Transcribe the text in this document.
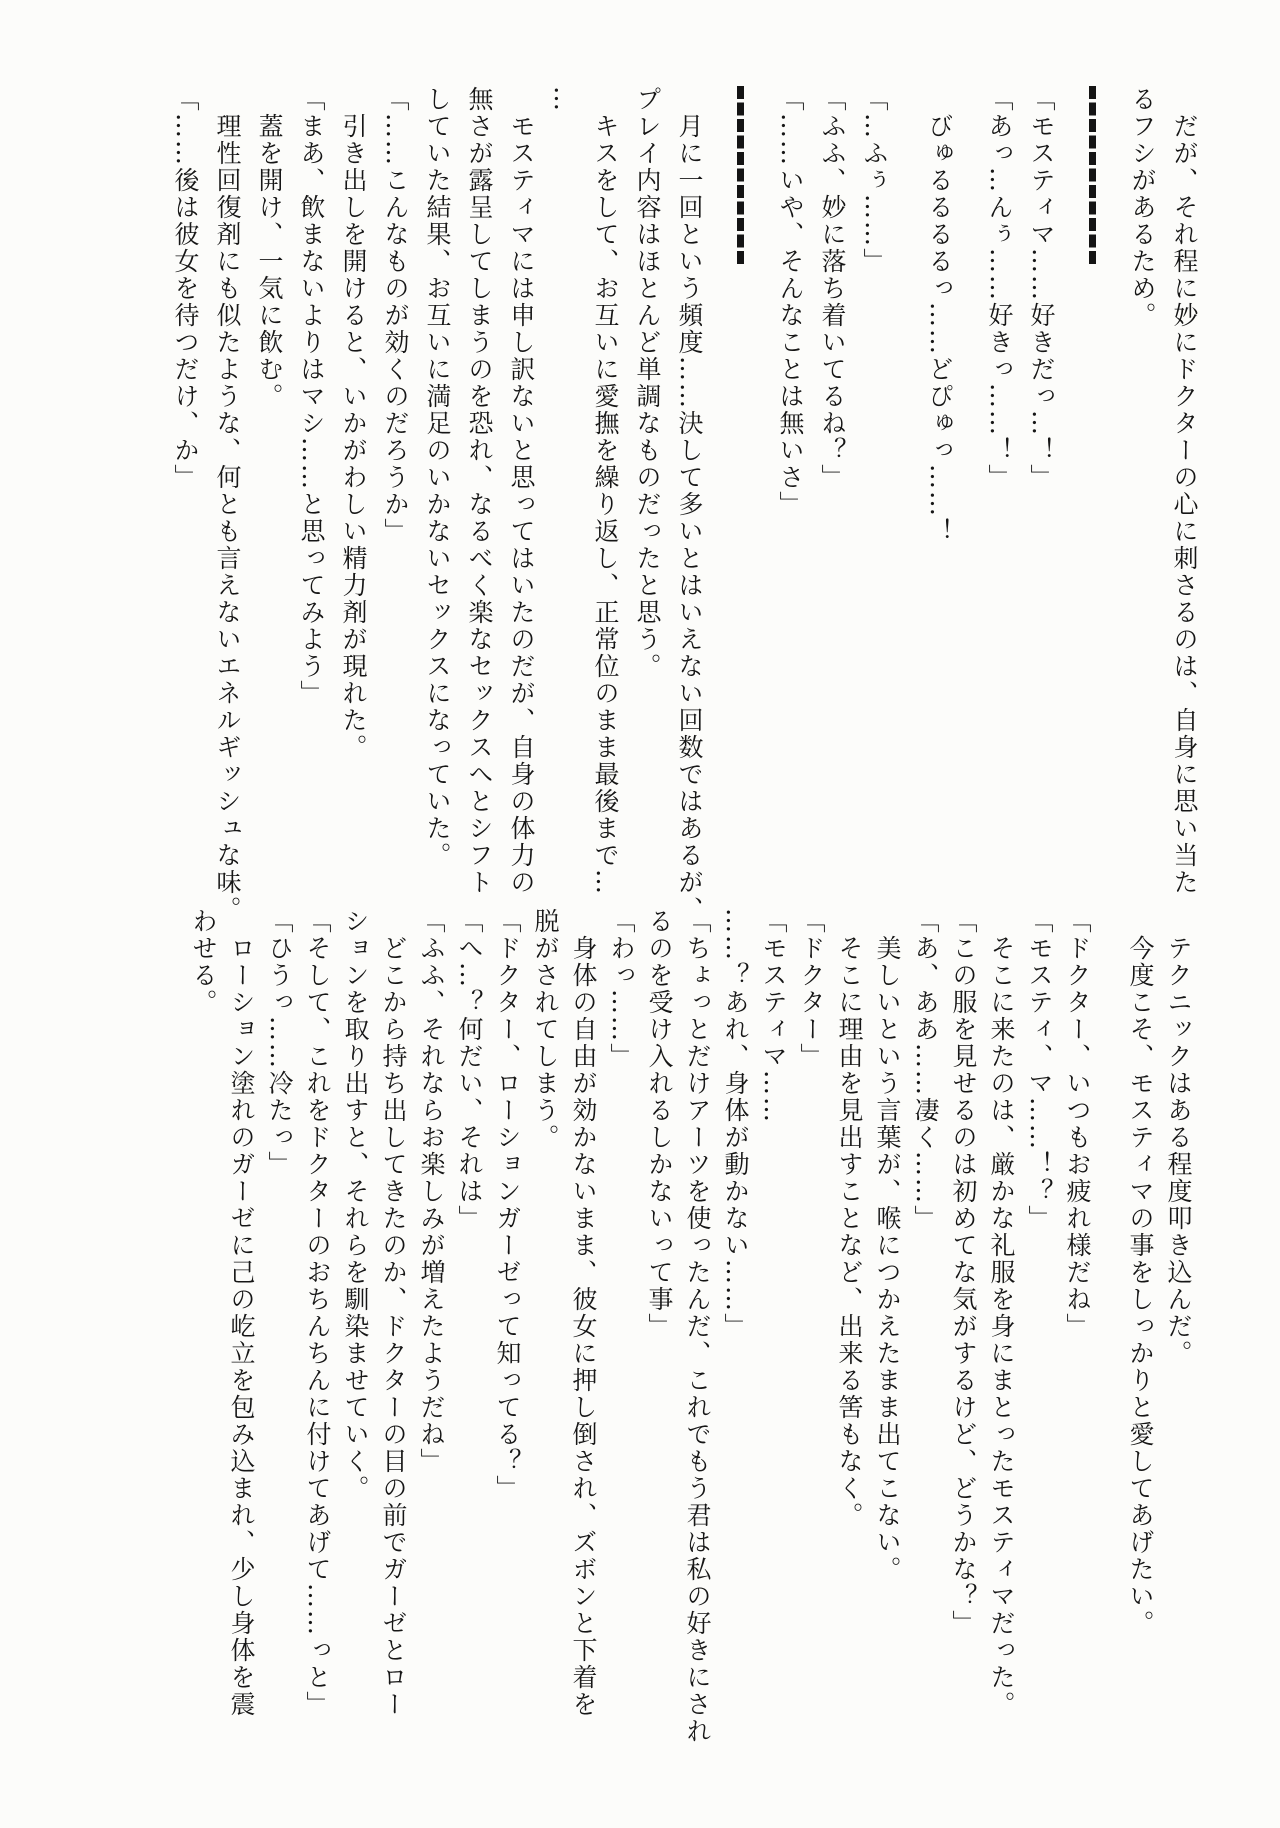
だが、それ程に妙にドクターの心に刺さるのは、自身に思い当た
るフシがあるため。
「モスティマ……好きだっ…！」
「あっ…んぅ……好きっ……！」
びゅるるるるっ……どぴゅっ……！
「…ふぅ……」
「ふふ、妙に落ち着いてるね？」
「……いや、そんなことは無いさ」
月に一回という頻度……決して多いとはいえない回数ではあるが、
プレイ内容はほとんど単調なものだったと思う。
キスをして、お互いに愛撫を繰り返し、正常位のまま最後まで…
…
モスティマには申し訳ないと思ってはいたのだが、自身の体力の
無さが露呈してしまうのを恐れ、なるべく楽なセックスへとシフト
していた結果、お互いに満足のいかないセックスになっていた。
「……こんなものが効くのだろうか」
引き出しを開けると、いかがわしい精力剤が現れた。
「まあ、飲まないよりはマシ……と思ってみよう」
蓋を開け、一気に飲む。
理性回復剤にも似たような、何とも言えないエネルギッシュな味。
「……後は彼女を待つだけ、か」
テクニックはある程度叩き込んだ。
今度こそ、モスティマの事をしっかりと愛してあげたい。
「ドクター、いつもお疲れ様だね」
「モスティ、マ……！？」
そこに来たのは、厳かな礼服を身にまとったモスティマだった。
「この服を見せるのは初めてな気がするけど、どうかな？」
「あ、ああ……凄く……」
美しいという言葉が、喉につかえたまま出てこない。
そこに理由を見出すことなど、出来る筈もなく。
「ドクター」
「モスティマ……
……？あれ、身体が動かない……」
「ちょっとだけアーツを使ったんだ、これでもう君は私の好きにされ
るのを受け入れるしかないって事」
「わっ……」
身体の自由が効かないまま、彼女に押し倒され、ズボンと下着を
脱がされてしまう。
「ドクター、ローションガーゼって知ってる？」
「へ…？何だい、それは」
「ふふ、それならお楽しみが増えたようだね」
どこから持ち出してきたのか、ドクターの目の前でガーゼとロー
ションを取り出すと、それらを馴染ませていく。
「そして、これをドクターのおちんちんに付けてあげて……っと」
「ひうっ……冷たっ」
ローション塗れのガーゼに己の屹立を包み込まれ、少し身体を震
わせる。
